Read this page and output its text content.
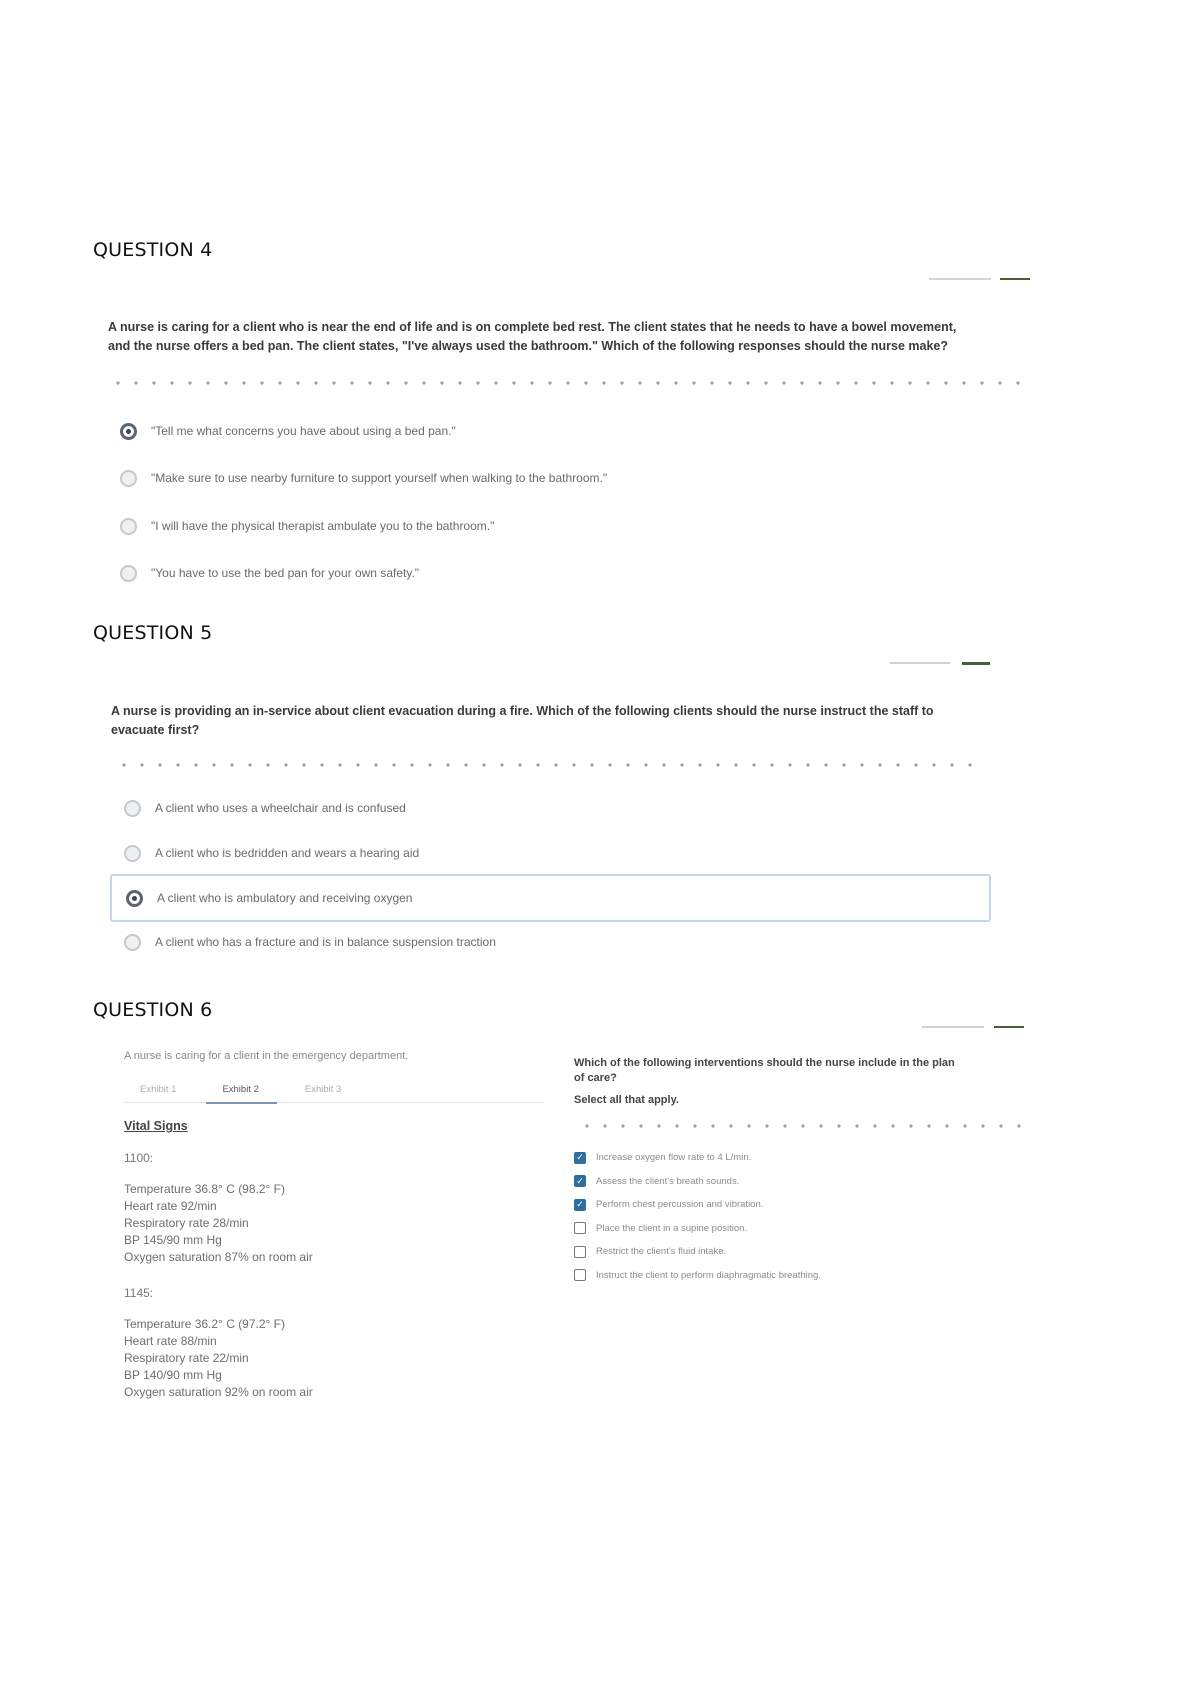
QUESTION 4
A nurse is caring for a client who is near the end of life and is on complete bed rest. The client states that he needs to have a bowel movement,
and the nurse offers a bed pan. The client states, "I've always used the bathroom." Which of the following responses should the nurse make?
"Tell me what concerns you have about using a bed pan."
"Make sure to use nearby furniture to support yourself when walking to the bathroom."
"I will have the physical therapist ambulate you to the bathroom."
"You have to use the bed pan for your own safety."
QUESTION 5
A nurse is providing an in-service about client evacuation during a fire. Which of the following clients should the nurse instruct the staff to
evacuate first?
A client who uses a wheelchair and is confused
A client who is bedridden and wears a hearing aid
A client who is ambulatory and receiving oxygen
A client who has a fracture and is in balance suspension traction
QUESTION 6
A nurse is caring for a client in the emergency department.
Exhibit 1	Exhibit 2	Exhibit 3
Vital Signs
1100:
Temperature 36.8° C (98.2° F)
Heart rate 92/min
Respiratory rate 28/min
BP 145/90 mm Hg
Oxygen saturation 87% on room air
1145:
Temperature 36.2° C (97.2° F)
Heart rate 88/min
Respiratory rate 22/min
BP 140/90 mm Hg
Oxygen saturation 92% on room air
Which of the following interventions should the nurse include in the plan
of care?
Select all that apply.
✓ Increase oxygen flow rate to 4 L/min.
✓ Assess the client's breath sounds.
✓ Perform chest percussion and vibration.
Place the client in a supine position.
Restrict the client's fluid intake.
Instruct the client to perform diaphragmatic breathing.
